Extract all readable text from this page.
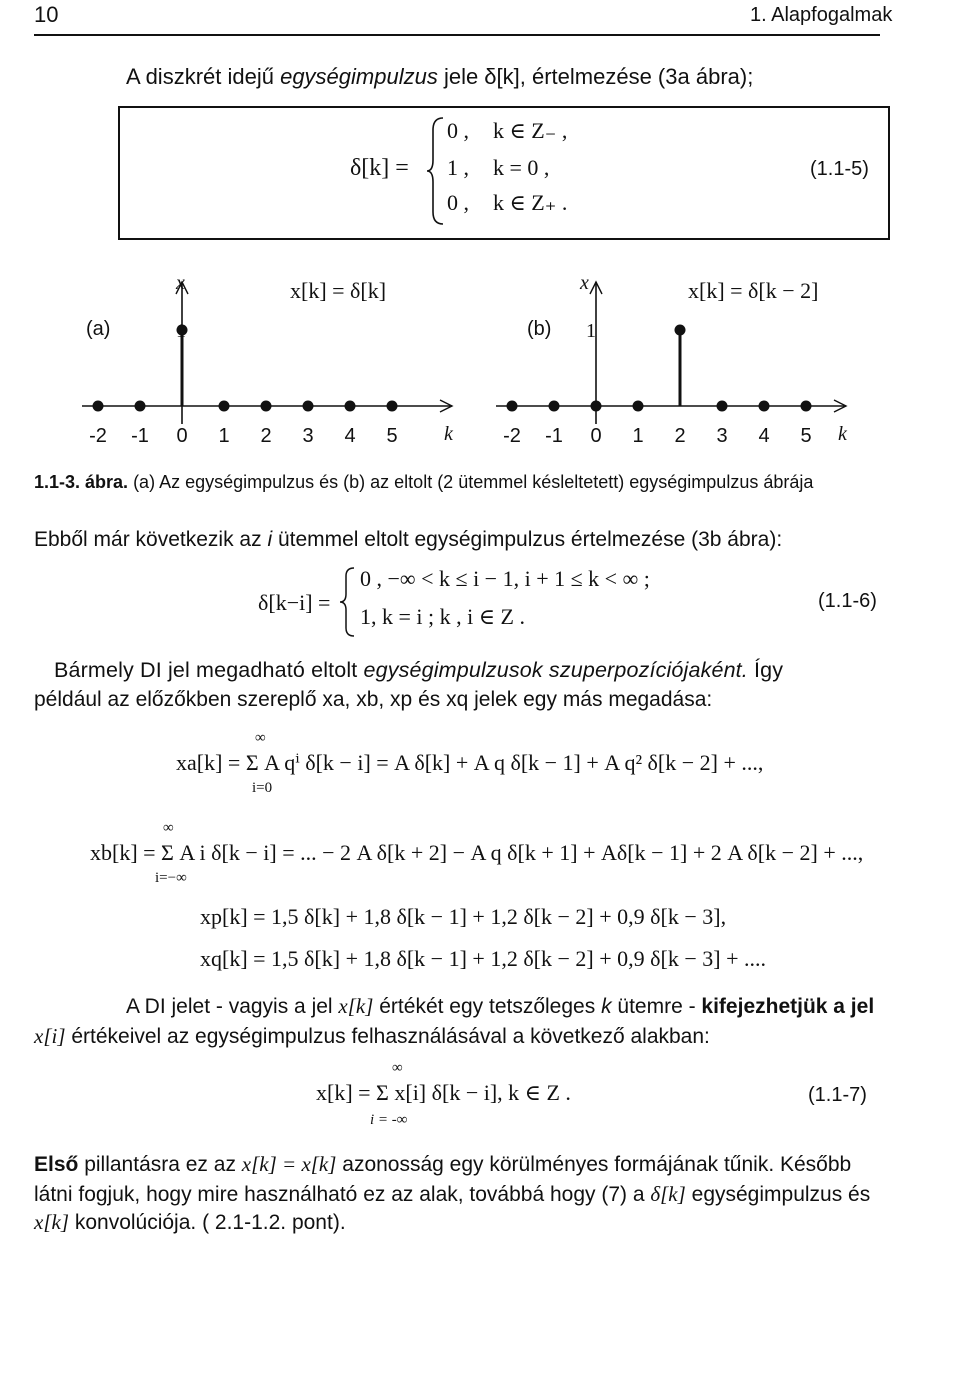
10	1. Alapfogalmak
A diszkrét idejű egységimpulzus jele δ[k], értelmezése (3a ábra);
δ[k] =
0 , k ∈ Z₋ ,
1 , k = 0 ,
0 , k ∈ Z₊ .
(1.1-5)
(a)
x	x[k] = δ[k]
(b)
x	x[k] = δ[k − 2]
1
-2 -1 0 1 2 3 4 5 k	-2 -1 0 1 2 3 4 5 k
1.1-3. ábra. (a) Az egységimpulzus és (b) az eltolt (2 ütemmel késleltetett) egységimpulzus ábrája
Ebből már következik az i ütemmel eltolt egységimpulzus értelmezése (3b ábra):
δ[k−i] =
0 , −∞ < k ≤ i − 1, i + 1 ≤ k < ∞ ;
1, k = i ; k , i ∈ Z .
(1.1-6)
Bármely DI jel megadható eltolt egységimpulzusok szuperpozíciójaként. Így
például az előzőkben szereplő xa, xb, xp és xq jelek egy más megadása:
∞
xa[k] = Σ A qⁱ δ[k − i] = A δ[k] + A q δ[k − 1] + A q² δ[k − 2] + ...,
i=0
∞
xb[k] = Σ A i δ[k − i] = ... − 2 A δ[k + 2] − A q δ[k + 1] + Aδ[k − 1] + 2 A δ[k − 2] + ...,
i=−∞
xp[k] = 1,5 δ[k] + 1,8 δ[k − 1] + 1,2 δ[k − 2] + 0,9 δ[k − 3],
xq[k] = 1,5 δ[k] + 1,8 δ[k − 1] + 1,2 δ[k − 2] + 0,9 δ[k − 3] + ....
A DI jelet - vagyis a jel x[k] értékét egy tetszőleges k ütemre - kifejezhetjük a jel
x[i] értékeivel az egységimpulzus felhasználásával a következő alakban:
∞
x[k] = Σ x[i] δ[k − i], k ∈ Z .
i = -∞
(1.1-7)
Első pillantásra ez az x[k] = x[k] azonosság egy körülményes formájának tűnik. Később
látni fogjuk, hogy mire használható ez az alak, továbbá hogy (7) a δ[k] egységimpulzus és
x[k] konvolúciója. ( 2.1-1.2. pont).
